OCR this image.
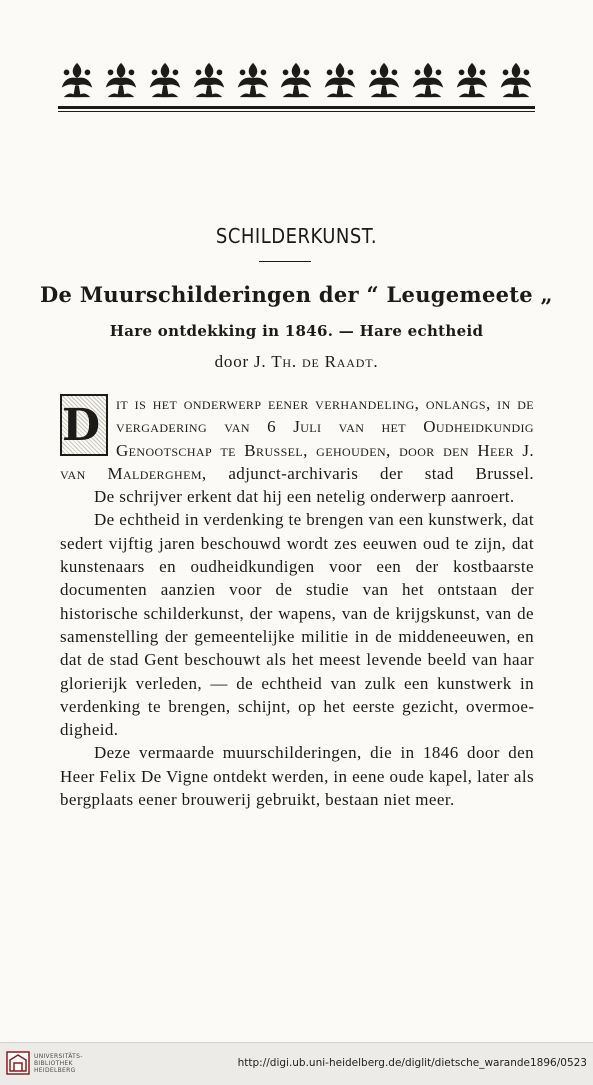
SCHILDERKUNST.
De Muurschilderingen der “ Leugemeete „
Hare ontdekking in 1846. — Hare echtheid
door J. Th. de Raadt.

D it is het onderwerp eener verhandeling, onlangs, in de vergadering van 6 Juli van het Oudheidkundig Genootschap te Brussel, gehouden, door den Heer J. van Malderghem, adjunct-archivaris der stad Brussel.

De schrijver erkent dat hij een netelig onderwerp aanroert.

De echtheid in verdenking te brengen van een kunstwerk, dat sedert vijftig jaren beschouwd wordt zes eeuwen oud te zijn, dat kunstenaars en oudheidkundigen voor een der kostbaarste documenten aanzien voor de studie van het ontstaan der historische schilderkunst, der wapens, van de krijgskunst, van de samenstelling der gemeentelijke militie in de middeneeuwen, en dat de stad Gent beschouwt als het meest levende beeld van haar glorierijk verleden, — de echtheid van zulk een kunstwerk in verdenking te brengen, schijnt, op het eerste gezicht, overmoedigheid.

Deze vermaarde muurschilderingen, die in 1846 door den Heer Felix De Vigne ontdekt werden, in eene oude kapel, later als bergplaats eener brouwerij gebruikt, bestaan niet meer.

UNIVERSITÄTS-
BIBLIOTHEK
HEIDELBERG
http://digi.ub.uni-heidelberg.de/diglit/dietsche_warande1896/0523
